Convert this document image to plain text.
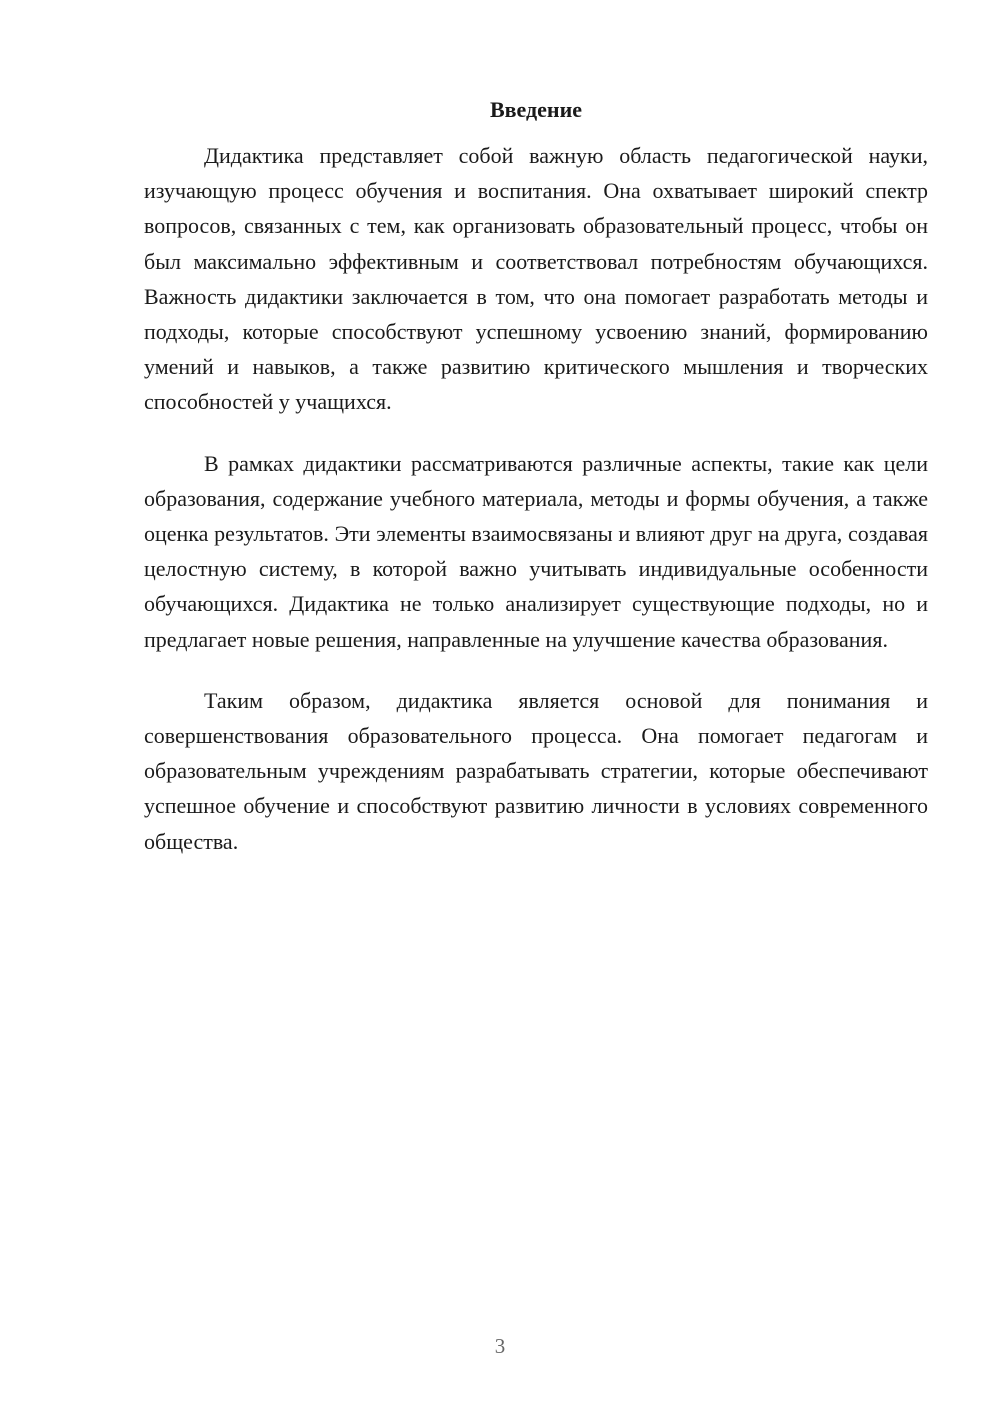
Введение

Дидактика представляет собой важную область педагогической науки, изучающую процесс обучения и воспитания. Она охватывает широкий спектр вопросов, связанных с тем, как организовать образовательный процесс, чтобы он был максимально эффективным и соответствовал потребностям обучающихся. Важность дидактики заключается в том, что она помогает разработать методы и подходы, которые способствуют успешному усвоению знаний, формированию умений и навыков, а также развитию критического мышления и творческих способностей у учащихся.

В рамках дидактики рассматриваются различные аспекты, такие как цели образования, содержание учебного материала, методы и формы обучения, а также оценка результатов. Эти элементы взаимосвязаны и влияют друг на друга, создавая целостную систему, в которой важно учитывать индивидуальные особенности обучающихся. Дидактика не только анализирует существующие подходы, но и предлагает новые решения, направленные на улучшение качества образования.

Таким образом, дидактика является основой для понимания и совершенствования образовательного процесса. Она помогает педагогам и образовательным учреждениям разрабатывать стратегии, которые обеспечивают успешное обучение и способствуют развитию личности в условиях современного общества.

3
